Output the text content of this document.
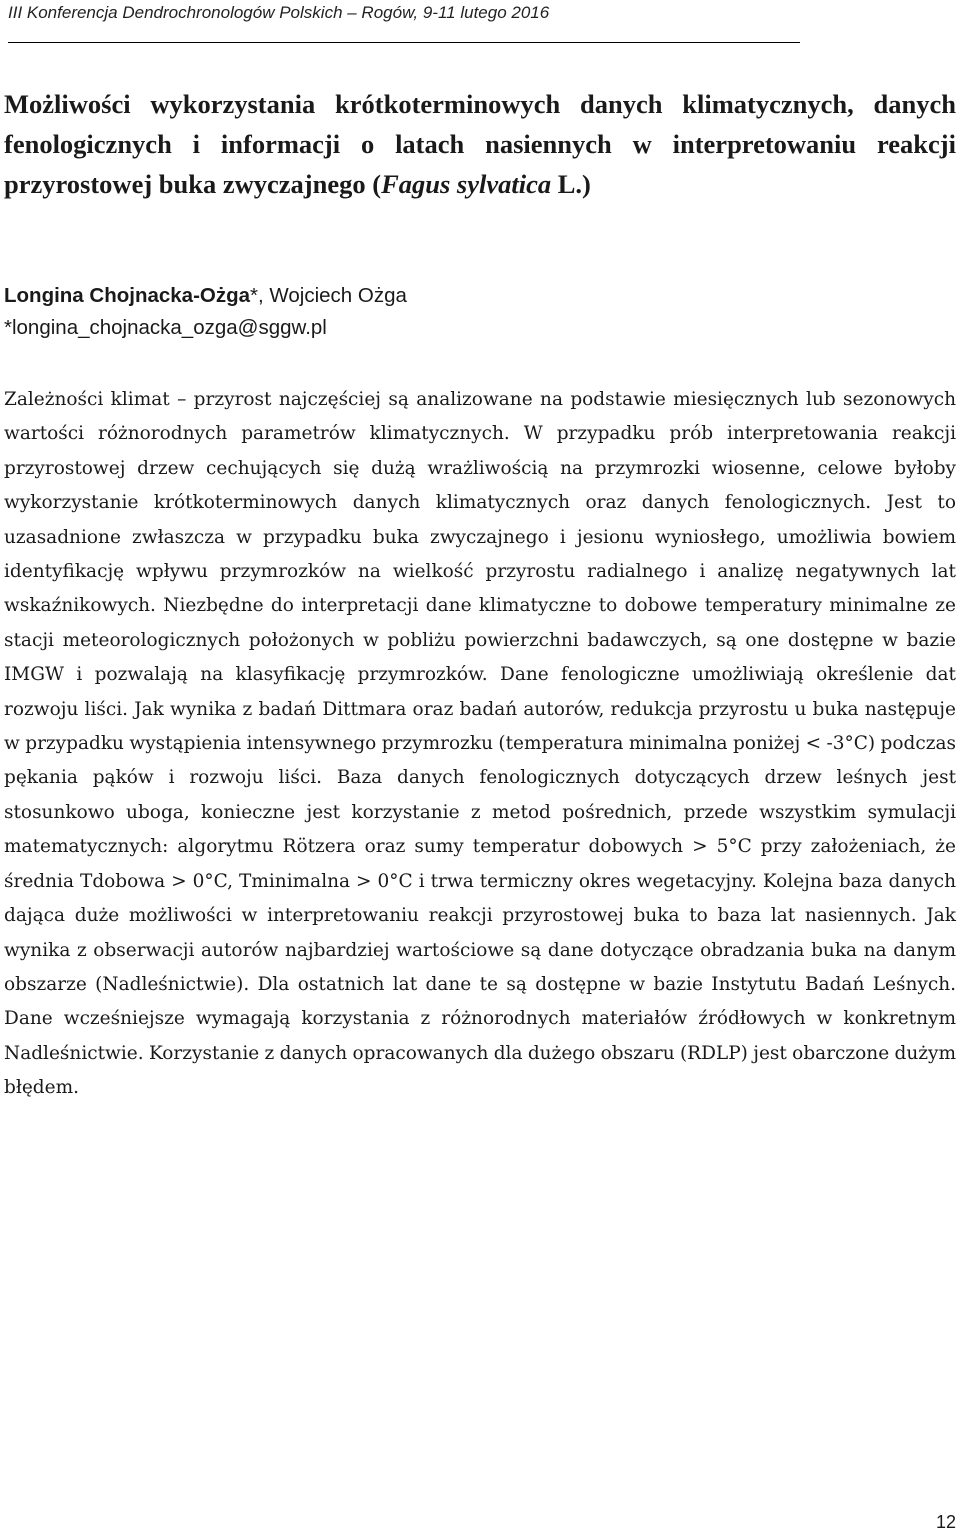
III Konferencja Dendrochronologów Polskich – Rogów, 9-11 lutego 2016
Możliwości wykorzystania krótkoterminowych danych klimatycznych, danych fenologicznych i informacji o latach nasiennych w interpretowaniu reakcji przyrostowej buka zwyczajnego (Fagus sylvatica L.)
Longina Chojnacka-Ożga*, Wojciech Ożga
*longina_chojnacka_ozga@sggw.pl

Zależności klimat – przyrost najczęściej są analizowane na podstawie miesięcznych lub sezonowych wartości różnorodnych parametrów klimatycznych. W przypadku prób interpretowania reakcji przyrostowej drzew cechujących się dużą wrażliwością na przymrozki wiosenne, celowe byłoby wykorzystanie krótkoterminowych danych klimatycznych oraz danych fenologicznych. Jest to uzasadnione zwłaszcza w przypadku buka zwyczajnego i jesionu wyniosłego, umożliwia bowiem identyfikację wpływu przymrozków na wielkość przyrostu radialnego i analizę negatywnych lat wskaźnikowych. Niezbędne do interpretacji dane klimatyczne to dobowe temperatury minimalne ze stacji meteorologicznych położonych w pobliżu powierzchni badawczych, są one dostępne w bazie IMGW i pozwalają na klasyfikację przymrozków. Dane fenologiczne umożliwiają określenie dat rozwoju liści. Jak wynika z badań Dittmara oraz badań autorów, redukcja przyrostu u buka następuje w przypadku wystąpienia intensywnego przymrozku (temperatura minimalna poniżej < -3°C) podczas pękania pąków i rozwoju liści. Baza danych fenologicznych dotyczących drzew leśnych jest stosunkowo uboga, konieczne jest korzystanie z metod pośrednich, przede wszystkim symulacji matematycznych: algorytmu Rötzera oraz sumy temperatur dobowych > 5°C przy założeniach, że średnia Tdobowa > 0°C, Tminimalna > 0°C i trwa termiczny okres wegetacyjny. Kolejna baza danych dająca duże możliwości w interpretowaniu reakcji przyrostowej buka to baza lat nasiennych. Jak wynika z obserwacji autorów najbardziej wartościowe są dane dotyczące obradzania buka na danym obszarze (Nadleśnictwie). Dla ostatnich lat dane te są dostępne w bazie Instytutu Badań Leśnych. Dane wcześniejsze wymagają korzystania z różnorodnych materiałów źródłowych w konkretnym Nadleśnictwie. Korzystanie z danych opracowanych dla dużego obszaru (RDLP) jest obarczone dużym błędem.

12
